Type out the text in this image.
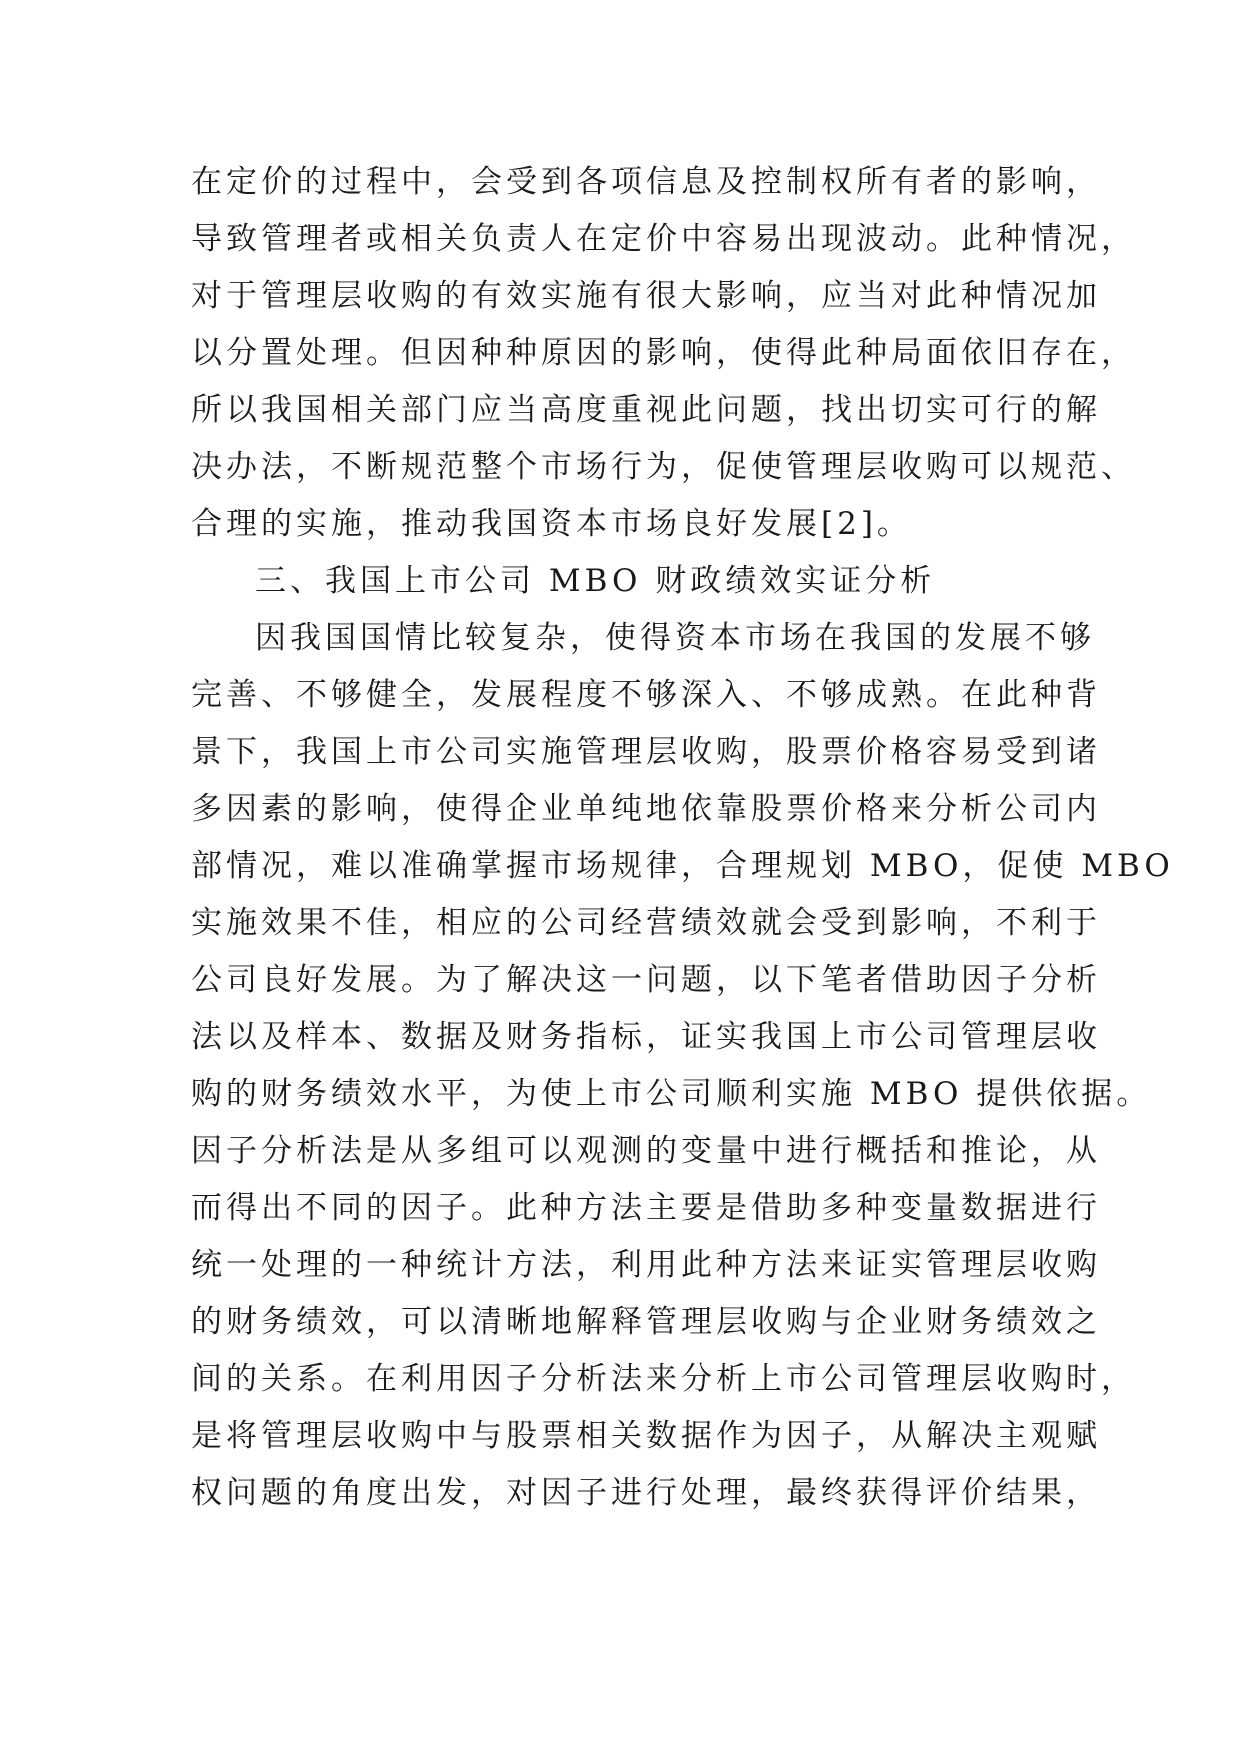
在定价的过程中，会受到各项信息及控制权所有者的影响，
导致管理者或相关负责人在定价中容易出现波动。此种情况，
对于管理层收购的有效实施有很大影响，应当对此种情况加
以分置处理。但因种种原因的影响，使得此种局面依旧存在，
所以我国相关部门应当高度重视此问题，找出切实可行的解
决办法，不断规范整个市场行为，促使管理层收购可以规范、
合理的实施，推动我国资本市场良好发展[2]。
三、我国上市公司 MBO 财政绩效实证分析
因我国国情比较复杂，使得资本市场在我国的发展不够
完善、不够健全，发展程度不够深入、不够成熟。在此种背
景下，我国上市公司实施管理层收购，股票价格容易受到诸
多因素的影响，使得企业单纯地依靠股票价格来分析公司内
部情况，难以准确掌握市场规律，合理规划 MBO，促使 MBO
实施效果不佳，相应的公司经营绩效就会受到影响，不利于
公司良好发展。为了解决这一问题，以下笔者借助因子分析
法以及样本、数据及财务指标，证实我国上市公司管理层收
购的财务绩效水平，为使上市公司顺利实施 MBO 提供依据。
因子分析法是从多组可以观测的变量中进行概括和推论，从
而得出不同的因子。此种方法主要是借助多种变量数据进行
统一处理的一种统计方法，利用此种方法来证实管理层收购
的财务绩效，可以清晰地解释管理层收购与企业财务绩效之
间的关系。在利用因子分析法来分析上市公司管理层收购时，
是将管理层收购中与股票相关数据作为因子，从解决主观赋
权问题的角度出发，对因子进行处理，最终获得评价结果，
